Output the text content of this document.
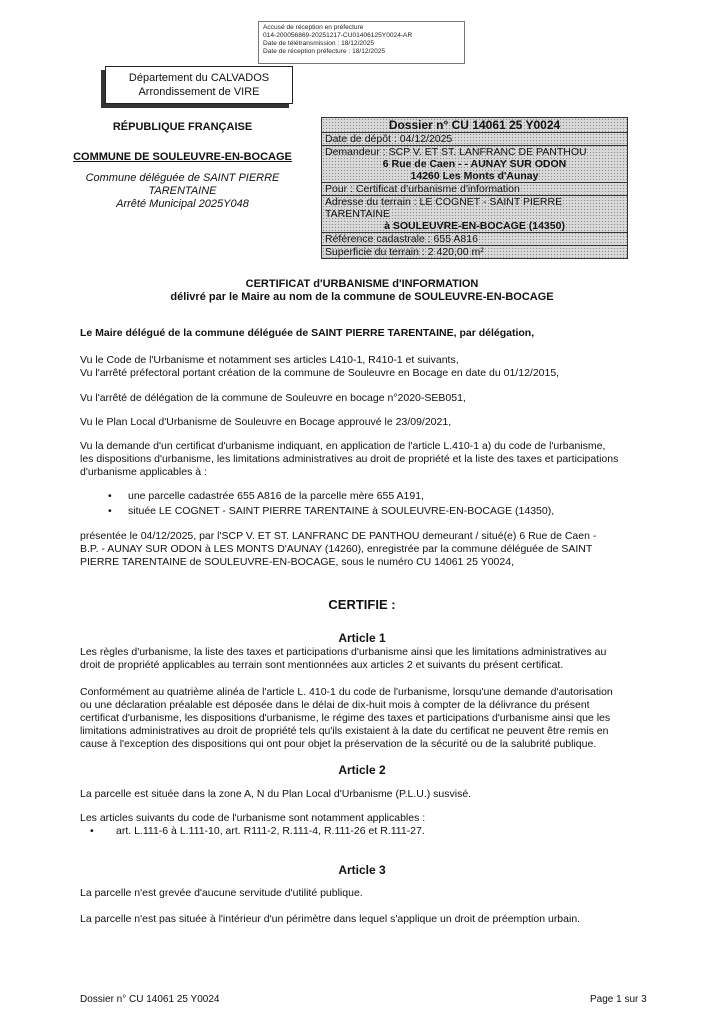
Accusé de réception en préfecture
014-200056869-20251217-CU01406125Y0024-AR
Date de télétransmission : 18/12/2025
Date de réception préfecture : 18/12/2025
Département du CALVADOS
Arrondissement de VIRE
RÉPUBLIQUE FRANÇAISE
COMMUNE DE SOULEUVRE-EN-BOCAGE
Commune déléguée de SAINT PIERRE
TARENTAINE
Arrêté Municipal 2025Y048
Dossier n° CU 14061 25 Y0024
Date de dépôt : 04/12/2025
Demandeur : SCP V. ET ST. LANFRANC DE PANTHOU
6 Rue de Caen - - AUNAY SUR ODON
14260 Les Monts d'Aunay
Pour : Certificat d'urbanisme d'information
Adresse du terrain : LE COGNET - SAINT PIERRE TARENTAINE
à SOULEUVRE-EN-BOCAGE (14350)
Référence cadastrale : 655 A816
Superficie du terrain : 2 420,00 m²
CERTIFICAT d'URBANISME d'INFORMATION
délivré par le Maire au nom de la commune de SOULEUVRE-EN-BOCAGE
Le Maire délégué de la commune déléguée de SAINT PIERRE TARENTAINE, par délégation,
Vu le Code de l'Urbanisme et notamment ses articles L410-1, R410-1 et suivants,
Vu l'arrêté préfectoral portant création de la commune de Souleuvre en Bocage en date du 01/12/2015,
Vu l'arrêté de délégation de la commune de Souleuvre en bocage n°2020-SEB051,
Vu le Plan Local d'Urbanisme de Souleuvre en Bocage approuvé le 23/09/2021,
Vu la demande d'un certificat d'urbanisme indiquant, en application de l'article L.410-1 a) du code de l'urbanisme,
les dispositions d'urbanisme, les limitations administratives au droit de propriété et la liste des taxes et participations
d'urbanisme applicables à :
• une parcelle cadastrée 655 A816 de la parcelle mère 655 A191,
• située LE COGNET - SAINT PIERRE TARENTAINE à SOULEUVRE-EN-BOCAGE (14350),
présentée le 04/12/2025, par l'SCP V. ET ST. LANFRANC DE PANTHOU demeurant / situé(e) 6 Rue de Caen -
B.P. - AUNAY SUR ODON à LES MONTS D'AUNAY (14260), enregistrée par la commune déléguée de SAINT
PIERRE TARENTAINE de SOULEUVRE-EN-BOCAGE, sous le numéro CU 14061 25 Y0024,
CERTIFIE :
Article 1
Les règles d'urbanisme, la liste des taxes et participations d'urbanisme ainsi que les limitations administratives au
droit de propriété applicables au terrain sont mentionnées aux articles 2 et suivants du présent certificat.
Conformément au quatrième alinéa de l'article L. 410-1 du code de l'urbanisme, lorsqu'une demande d'autorisation
ou une déclaration préalable est déposée dans le délai de dix-huit mois à compter de la délivrance du présent
certificat d'urbanisme, les dispositions d'urbanisme, le régime des taxes et participations d'urbanisme ainsi que les
limitations administratives au droit de propriété tels qu'ils existaient à la date du certificat ne peuvent être remis en
cause à l'exception des dispositions qui ont pour objet la préservation de la sécurité ou de la salubrité publique.
Article 2
La parcelle est située dans la zone A, N du Plan Local d'Urbanisme (P.L.U.) susvisé.
Les articles suivants du code de l'urbanisme sont notamment applicables :
• art. L.111-6 à L.111-10, art. R111-2, R.111-4, R.111-26 et R.111-27.
Article 3
La parcelle n'est grevée d'aucune servitude d'utilité publique.
La parcelle n'est pas située à l'intérieur d'un périmètre dans lequel s'applique un droit de préemption urbain.
Dossier n° CU 14061 25 Y0024	Page 1 sur 3
